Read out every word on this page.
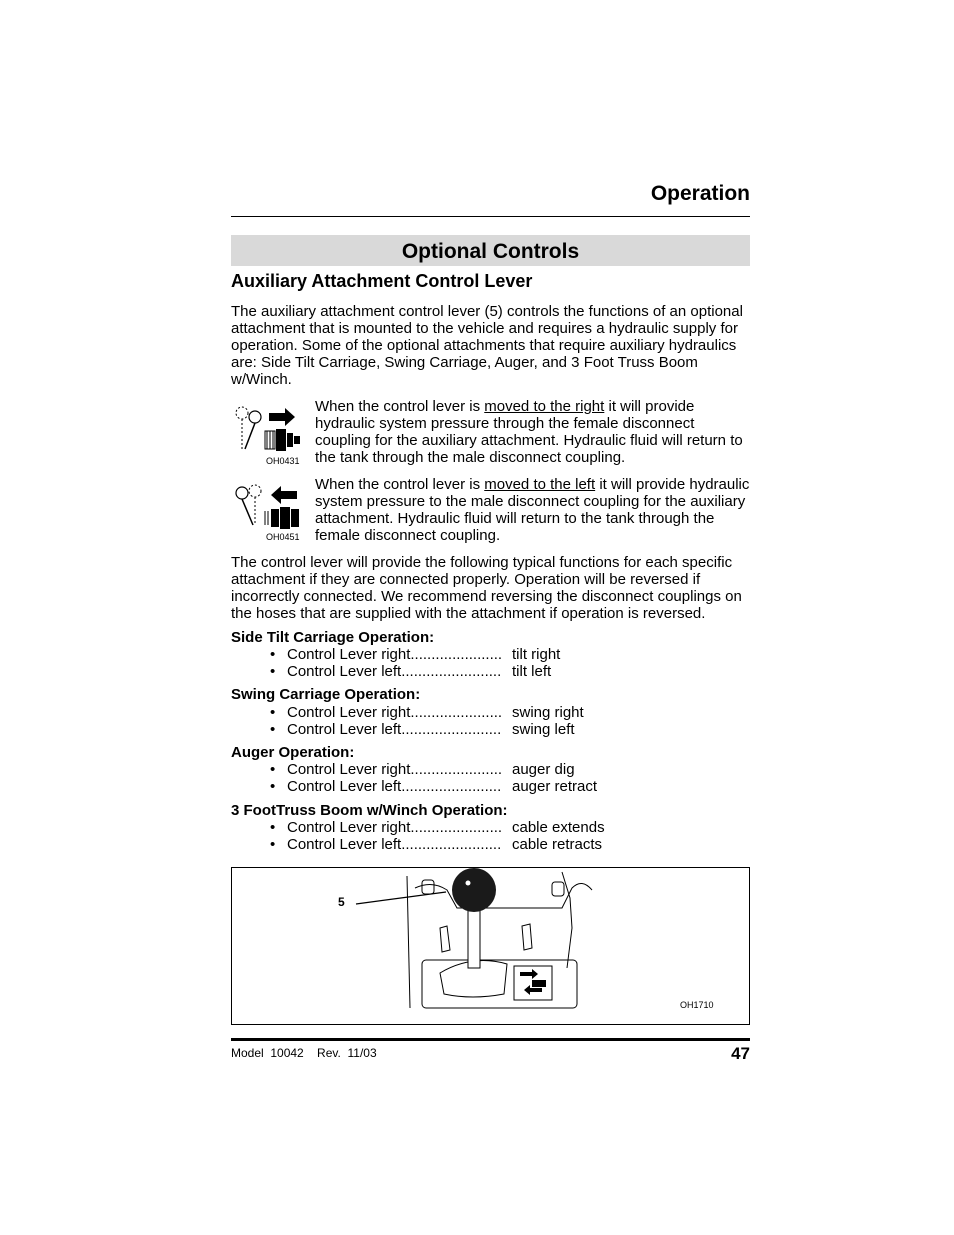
Operation
Optional Controls
Auxiliary Attachment Control Lever
The auxiliary attachment control lever (5) controls the functions of an optional attachment that is mounted to the vehicle and requires a hydraulic supply for operation. Some of the optional attachments that require auxiliary hydraulics are: Side Tilt Carriage, Swing Carriage, Auger, and 3 Foot Truss Boom w/Winch.
OH0431
When the control lever is moved to the right it will provide hydraulic system pressure through the female disconnect coupling for the auxiliary attachment. Hydraulic fluid will return to the tank through the male disconnect coupling.
OH0451
When the control lever is moved to the left it will provide hydraulic system pressure to the male disconnect coupling for the auxiliary attachment. Hydraulic fluid will return to the tank through the female disconnect coupling.
The control lever will provide the following typical functions for each specific attachment if they are connected properly. Operation will be reversed if incorrectly connected. We recommend reversing the disconnect couplings on the hoses that are supplied with the attachment if operation is reversed.
Side Tilt Carriage Operation:
• Control Lever right...................... tilt right
• Control Lever left........................ tilt left
Swing Carriage Operation:
• Control Lever right...................... swing right
• Control Lever left........................ swing left
Auger Operation:
• Control Lever right...................... auger dig
• Control Lever left........................ auger retract
3 FootTruss Boom w/Winch Operation:
• Control Lever right...................... cable extends
• Control Lever left........................ cable retracts
5
OH1710
Model  10042    Rev.  11/03	47
